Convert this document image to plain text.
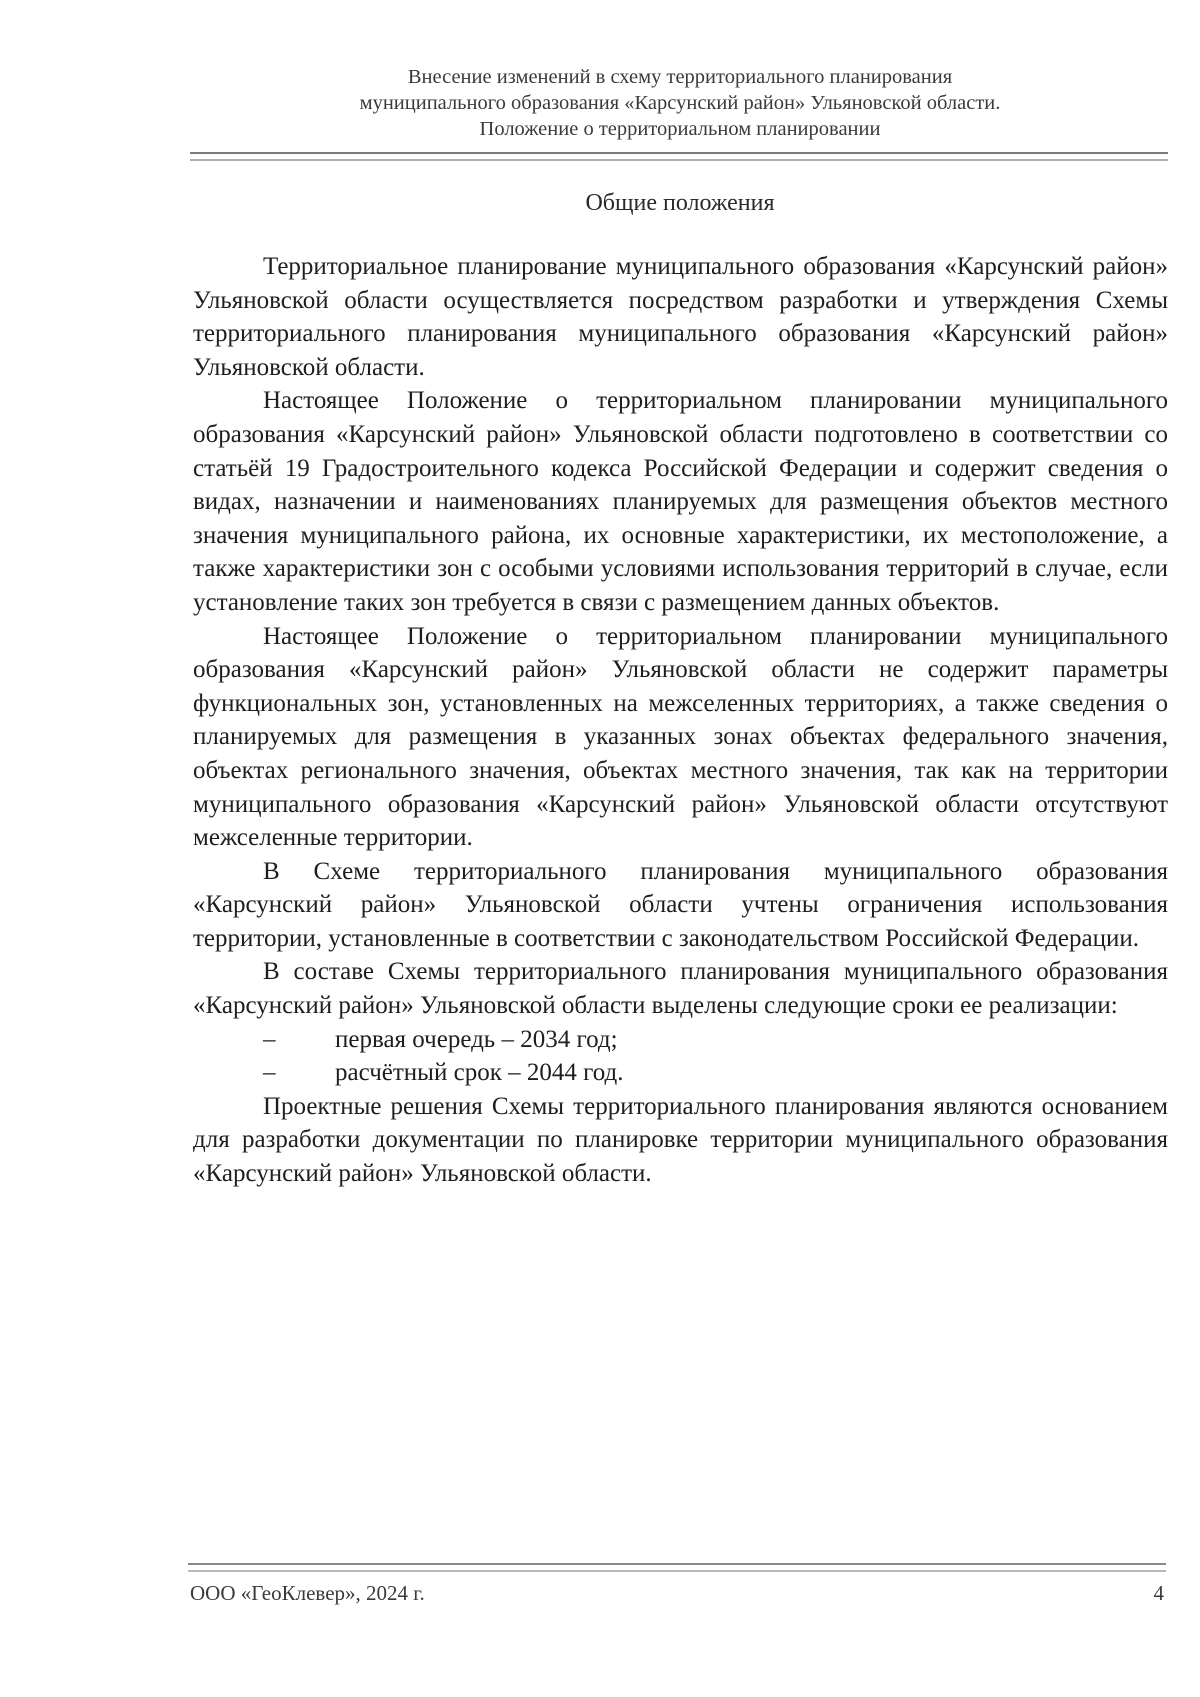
Внесение изменений в схему территориального планирования
муниципального образования «Карсунский район» Ульяновской области.
Положение о территориальном планировании
Общие положения

Территориальное планирование муниципального образования «Карсунский район» Ульяновской области осуществляется посредством разработки и утверждения Схемы территориального планирования муниципального образования «Карсунский район» Ульяновской области.

Настоящее Положение о территориальном планировании муниципального образования «Карсунский район» Ульяновской области подготовлено в соответствии со статьёй 19 Градостроительного кодекса Российской Федерации и содержит сведения о видах, назначении и наименованиях планируемых для размещения объектов местного значения муниципального района, их основные характеристики, их местоположение, а также характеристики зон с особыми условиями использования территорий в случае, если установление таких зон требуется в связи с размещением данных объектов.

Настоящее Положение о территориальном планировании муниципального образования «Карсунский район» Ульяновской области не содержит параметры функциональных зон, установленных на межселенных территориях, а также сведения о планируемых для размещения в указанных зонах объектах федерального значения, объектах регионального значения, объектах местного значения, так как на территории муниципального образования «Карсунский район» Ульяновской области отсутствуют межселенные территории.

В Схеме территориального планирования муниципального образования «Карсунский район» Ульяновской области учтены ограничения использования территории, установленные в соответствии с законодательством Российской Федерации.

В составе Схемы территориального планирования муниципального образования «Карсунский район» Ульяновской области выделены следующие сроки ее реализации:

– первая очередь – 2034 год;
– расчётный срок – 2044 год.

Проектные решения Схемы территориального планирования являются основанием для разработки документации по планировке территории муниципального образования «Карсунский район» Ульяновской области.

ООО «ГеоКлевер», 2024 г.	4
